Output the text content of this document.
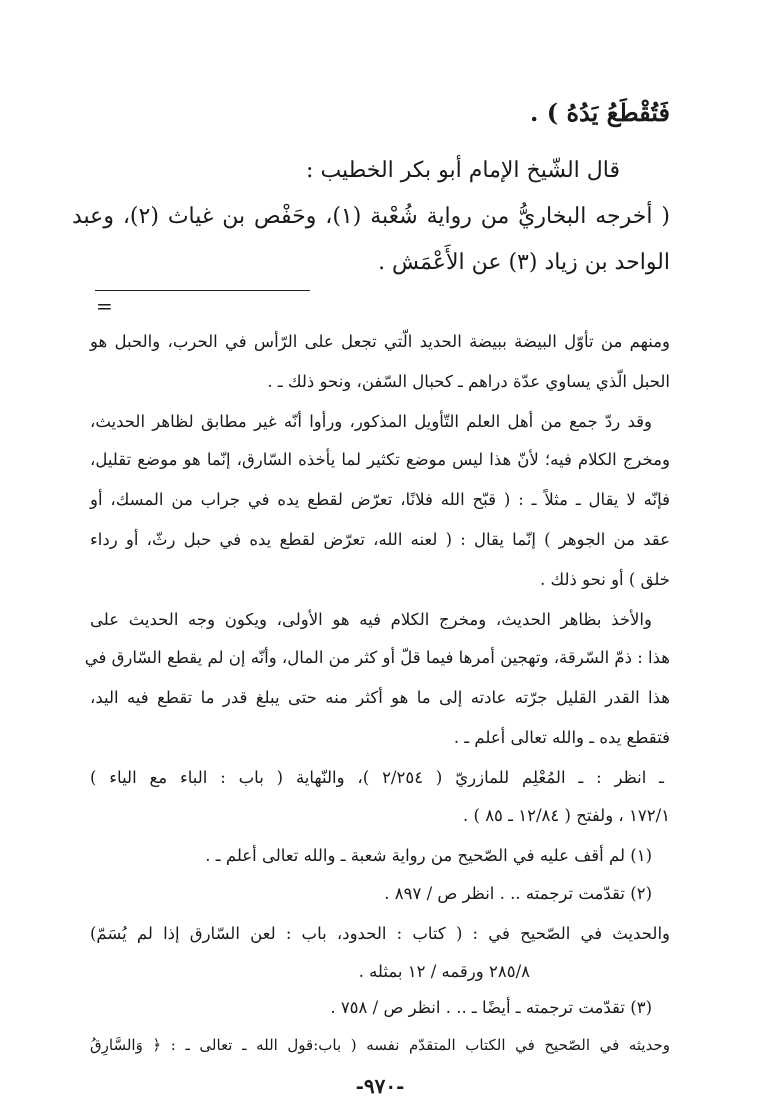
فَتُقْطَعُ يَدُهُ ) .
قال الشّيخ الإمام أبو بكر الخطيب :
( أخرجه البخاريُّ من رواية شُعْبة (١)، وحَفْص بن غياث (٢)، وعبد
الواحد بن زياد (٣) عن الأَعْمَش .
=
ومنهم من تأوّل البيضة ببيضة الحديد الّتي تجعل على الرّأس في الحرب، والحبل هو
الحبل الّذي يساوي عدّة دراهم ـ كحبال السّفن، ونحو ذلك ـ .
وقد ردّ جمع من أهل العلم التّأويل المذكور، ورأوا أنّه غير مطابق لظاهر الحديث،
ومخرج الكلام فيه؛ لأنّ هذا ليس موضع تكثير لما يأخذه السّارق، إنّما هو موضع تقليل،
فإنّه لا يقال ـ مثلاً ـ : ( قبّح الله فلانًا، تعرّض لقطع يده في جراب من المسك، أو
عقد من الجوهر ) إنّما يقال : ( لعنه الله، تعرّض لقطع يده في حبل رثّ، أو رداء
خلق ) أو نحو ذلك .
والأخذ بظاهر الحديث، ومخرج الكلام فيه هو الأولى، ويكون وجه الحديث على
هذا : ذمّ السّرقة، وتهجين أمرها فيما قلّ أو كثر من المال، وأنّه إن لم يقطع السّارق في
هذا القدر القليل جرّته عادته إلى ما هو أكثر منه حتى يبلغ قدر ما تقطع فيه اليد،
فتقطع يده ـ والله تعالى أعلم ـ .
ـ انظر : ـ المُعْلِم للمازريّ ( ٢/٢٥٤ )، والنّهاية ( باب : الباء مع الياء )
١٧٢/١ ، ولفتح ( ١٢/٨٤ ـ ٨٥ ) .
(١) لم أقف عليه في الصّحيح من رواية شعبة ـ والله تعالى أعلم ـ .
(٢) تقدّمت ترجمته .. . انظر ص / ٨٩٧ .
والحديث في الصّحيح في : ( كتاب : الحدود، باب : لعن السّارق إذا لم يُسَمّ)
٢٨٥/٨ ورقمه / ١٢ بمثله .
(٣) تقدّمت ترجمته ـ أيضًا ـ .. . انظر ص / ٧٥٨ .
وحديثه في الصّحيح في الكتاب المتقدّم نفسه ( باب:قول الله ـ تعالى ـ : ﴿ وَالسَّارِقُ
-٩٧٠-
